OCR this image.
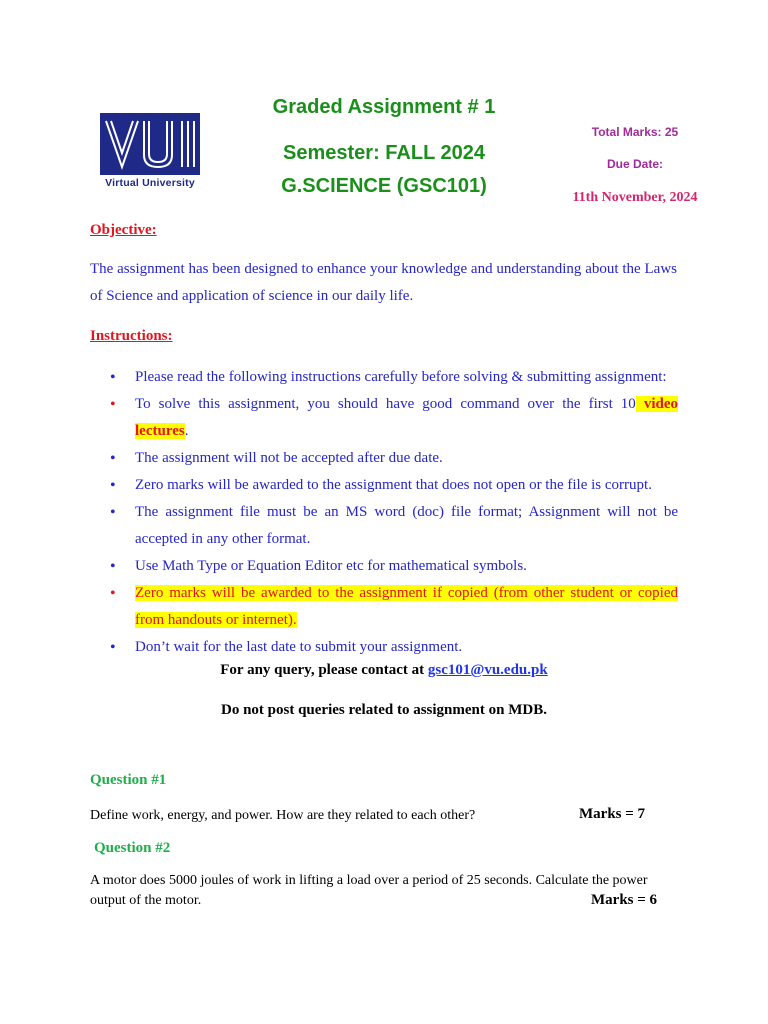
Virtual University
Graded Assignment # 1
Semester: FALL 2024
G.SCIENCE (GSC101)
Total Marks: 25
Due Date:
11th November, 2024
Objective:
The assignment has been designed to enhance your knowledge and understanding about the Laws of Science and application of science in our daily life.
Instructions:
• Please read the following instructions carefully before solving & submitting assignment:
• To solve this assignment, you should have good command over the first 10 video lectures.
• The assignment will not be accepted after due date.
• Zero marks will be awarded to the assignment that does not open or the file is corrupt.
• The assignment file must be an MS word (doc) file format; Assignment will not be accepted in any other format.
• Use Math Type or Equation Editor etc for mathematical symbols.
• Zero marks will be awarded to the assignment if copied (from other student or copied from handouts or internet).
• Don’t wait for the last date to submit your assignment.
For any query, please contact at gsc101@vu.edu.pk
Do not post queries related to assignment on MDB.
Question #1
Define work, energy, and power. How are they related to each other?	Marks = 7
Question #2
A motor does 5000 joules of work in lifting a load over a period of 25 seconds. Calculate the power output of the motor.	Marks = 6
